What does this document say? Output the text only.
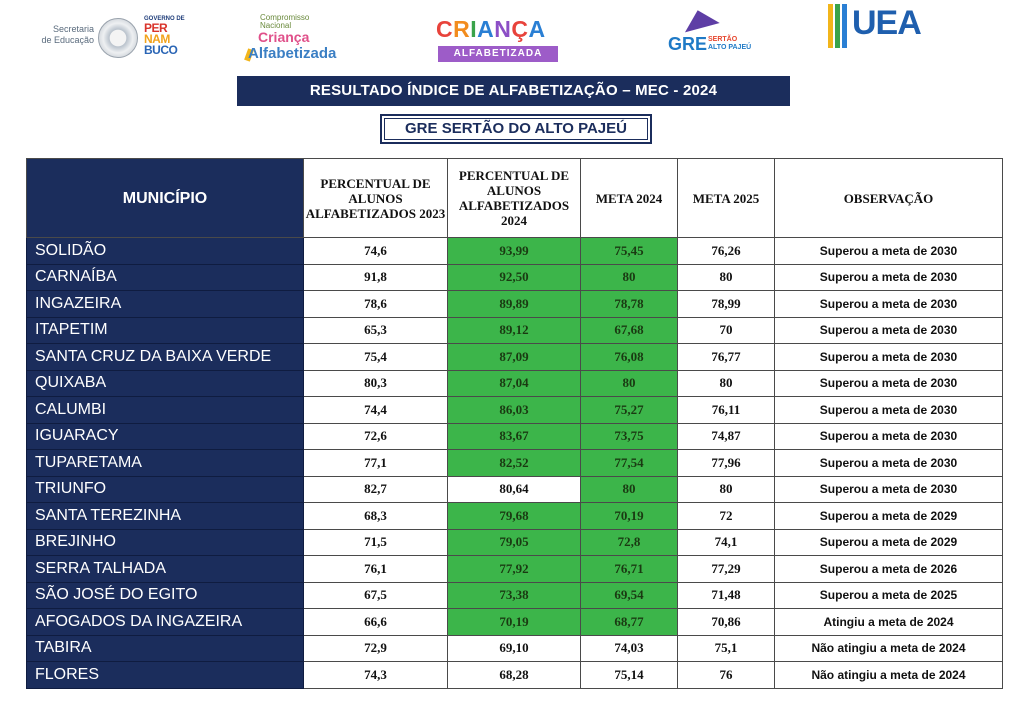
Secretaria
de Educação
GOVERNO DE
PER
NAM
BUCO
Compromisso
Nacional
Criança
Alfabetizada
CRIANÇA
ALFABETIZADA	GRE SERTÃO
ALTO PAJEÚ
UEA
RESULTADO ÍNDICE DE ALFABETIZAÇÃO – MEC - 2024
GRE SERTÃO DO ALTO PAJEÚ
MUNICÍPIO	PERCENTUAL DE ALUNOS ALFABETIZADOS 2023	PERCENTUAL DE ALUNOS ALFABETIZADOS 2024	META 2024	META 2025	OBSERVAÇÃO
SOLIDÃO	74,6	93,99	75,45	76,26	Superou a meta de 2030
CARNAÍBA	91,8	92,50	80	80	Superou a meta de 2030
INGAZEIRA	78,6	89,89	78,78	78,99	Superou a meta de 2030
ITAPETIM	65,3	89,12	67,68	70	Superou a meta de 2030
SANTA CRUZ DA BAIXA VERDE	75,4	87,09	76,08	76,77	Superou a meta de 2030
QUIXABA	80,3	87,04	80	80	Superou a meta de 2030
CALUMBI	74,4	86,03	75,27	76,11	Superou a meta de 2030
IGUARACY	72,6	83,67	73,75	74,87	Superou a meta de 2030
TUPARETAMA	77,1	82,52	77,54	77,96	Superou a meta de 2030
TRIUNFO	82,7	80,64	80	80	Superou a meta de 2030
SANTA TEREZINHA	68,3	79,68	70,19	72	Superou a meta de 2029
BREJINHO	71,5	79,05	72,8	74,1	Superou a meta de 2029
SERRA TALHADA	76,1	77,92	76,71	77,29	Superou a meta de 2026
SÃO JOSÉ DO EGITO	67,5	73,38	69,54	71,48	Superou a meta de 2025
AFOGADOS DA INGAZEIRA	66,6	70,19	68,77	70,86	Atingiu a meta de 2024
TABIRA	72,9	69,10	74,03	75,1	Não atingiu a meta de 2024
FLORES	74,3	68,28	75,14	76	Não atingiu a meta de 2024
